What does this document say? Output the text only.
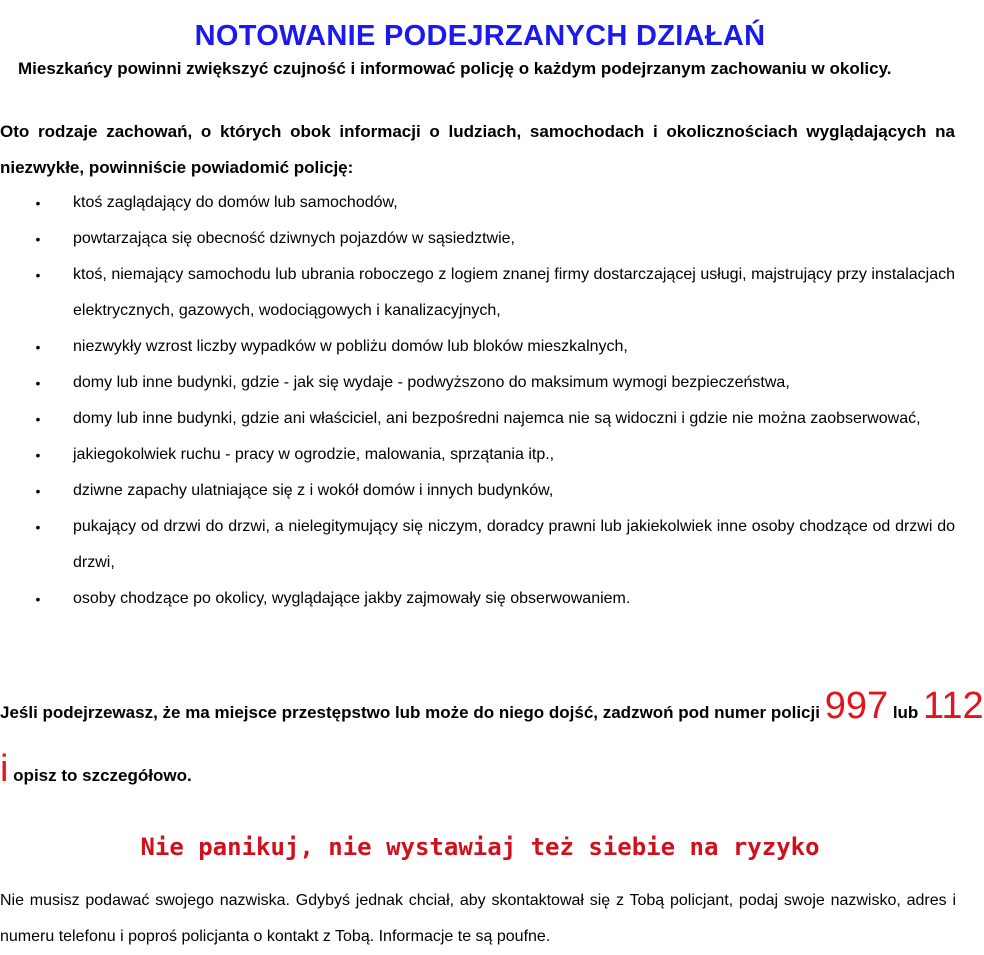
NOTOWANIE PODEJRZANYCH DZIAŁAŃ
Mieszkańcy powinni zwiększyć czujność i informować policję o każdym podejrzanym zachowaniu w okolicy.
Oto rodzaje zachowań, o których obok informacji o ludziach, samochodach i okolicznościach wyglądających na niezwykłe, powinniście powiadomić policję:
• ktoś zaglądający do domów lub samochodów,
• powtarzająca się obecność dziwnych pojazdów w sąsiedztwie,
• ktoś, niemający samochodu lub ubrania roboczego z logiem znanej firmy dostarczającej usługi, majstrujący przy instalacjach elektrycznych, gazowych, wodociągowych i kanalizacyjnych,
• niezwykły wzrost liczby wypadków w pobliżu domów lub bloków mieszkalnych,
• domy lub inne budynki, gdzie - jak się wydaje - podwyższono do maksimum wymogi bezpieczeństwa,
• domy lub inne budynki, gdzie ani właściciel, ani bezpośredni najemca nie są widoczni i gdzie nie można zaobserwować,
• jakiegokolwiek ruchu - pracy w ogrodzie, malowania, sprzątania itp.,
• dziwne zapachy ulatniające się z i wokół domów i innych budynków,
• pukający od drzwi do drzwi, a nielegitymujący się niczym, doradcy prawni lub jakiekolwiek inne osoby chodzące od drzwi do drzwi,
• osoby chodzące po okolicy, wyglądające jakby zajmowały się obserwowaniem.
Jeśli podejrzewasz, że ma miejsce przestępstwo lub może do niego dojść, zadzwoń pod numer policji 997 lub 112
i opisz to szczegółowo.
Nie panikuj, nie wystawiaj też siebie na ryzyko
Nie musisz podawać swojego nazwiska. Gdybyś jednak chciał, aby skontaktował się z Tobą policjant, podaj swoje nazwisko, adres i numeru telefonu i poproś policjanta o kontakt z Tobą. Informacje te są poufne.
